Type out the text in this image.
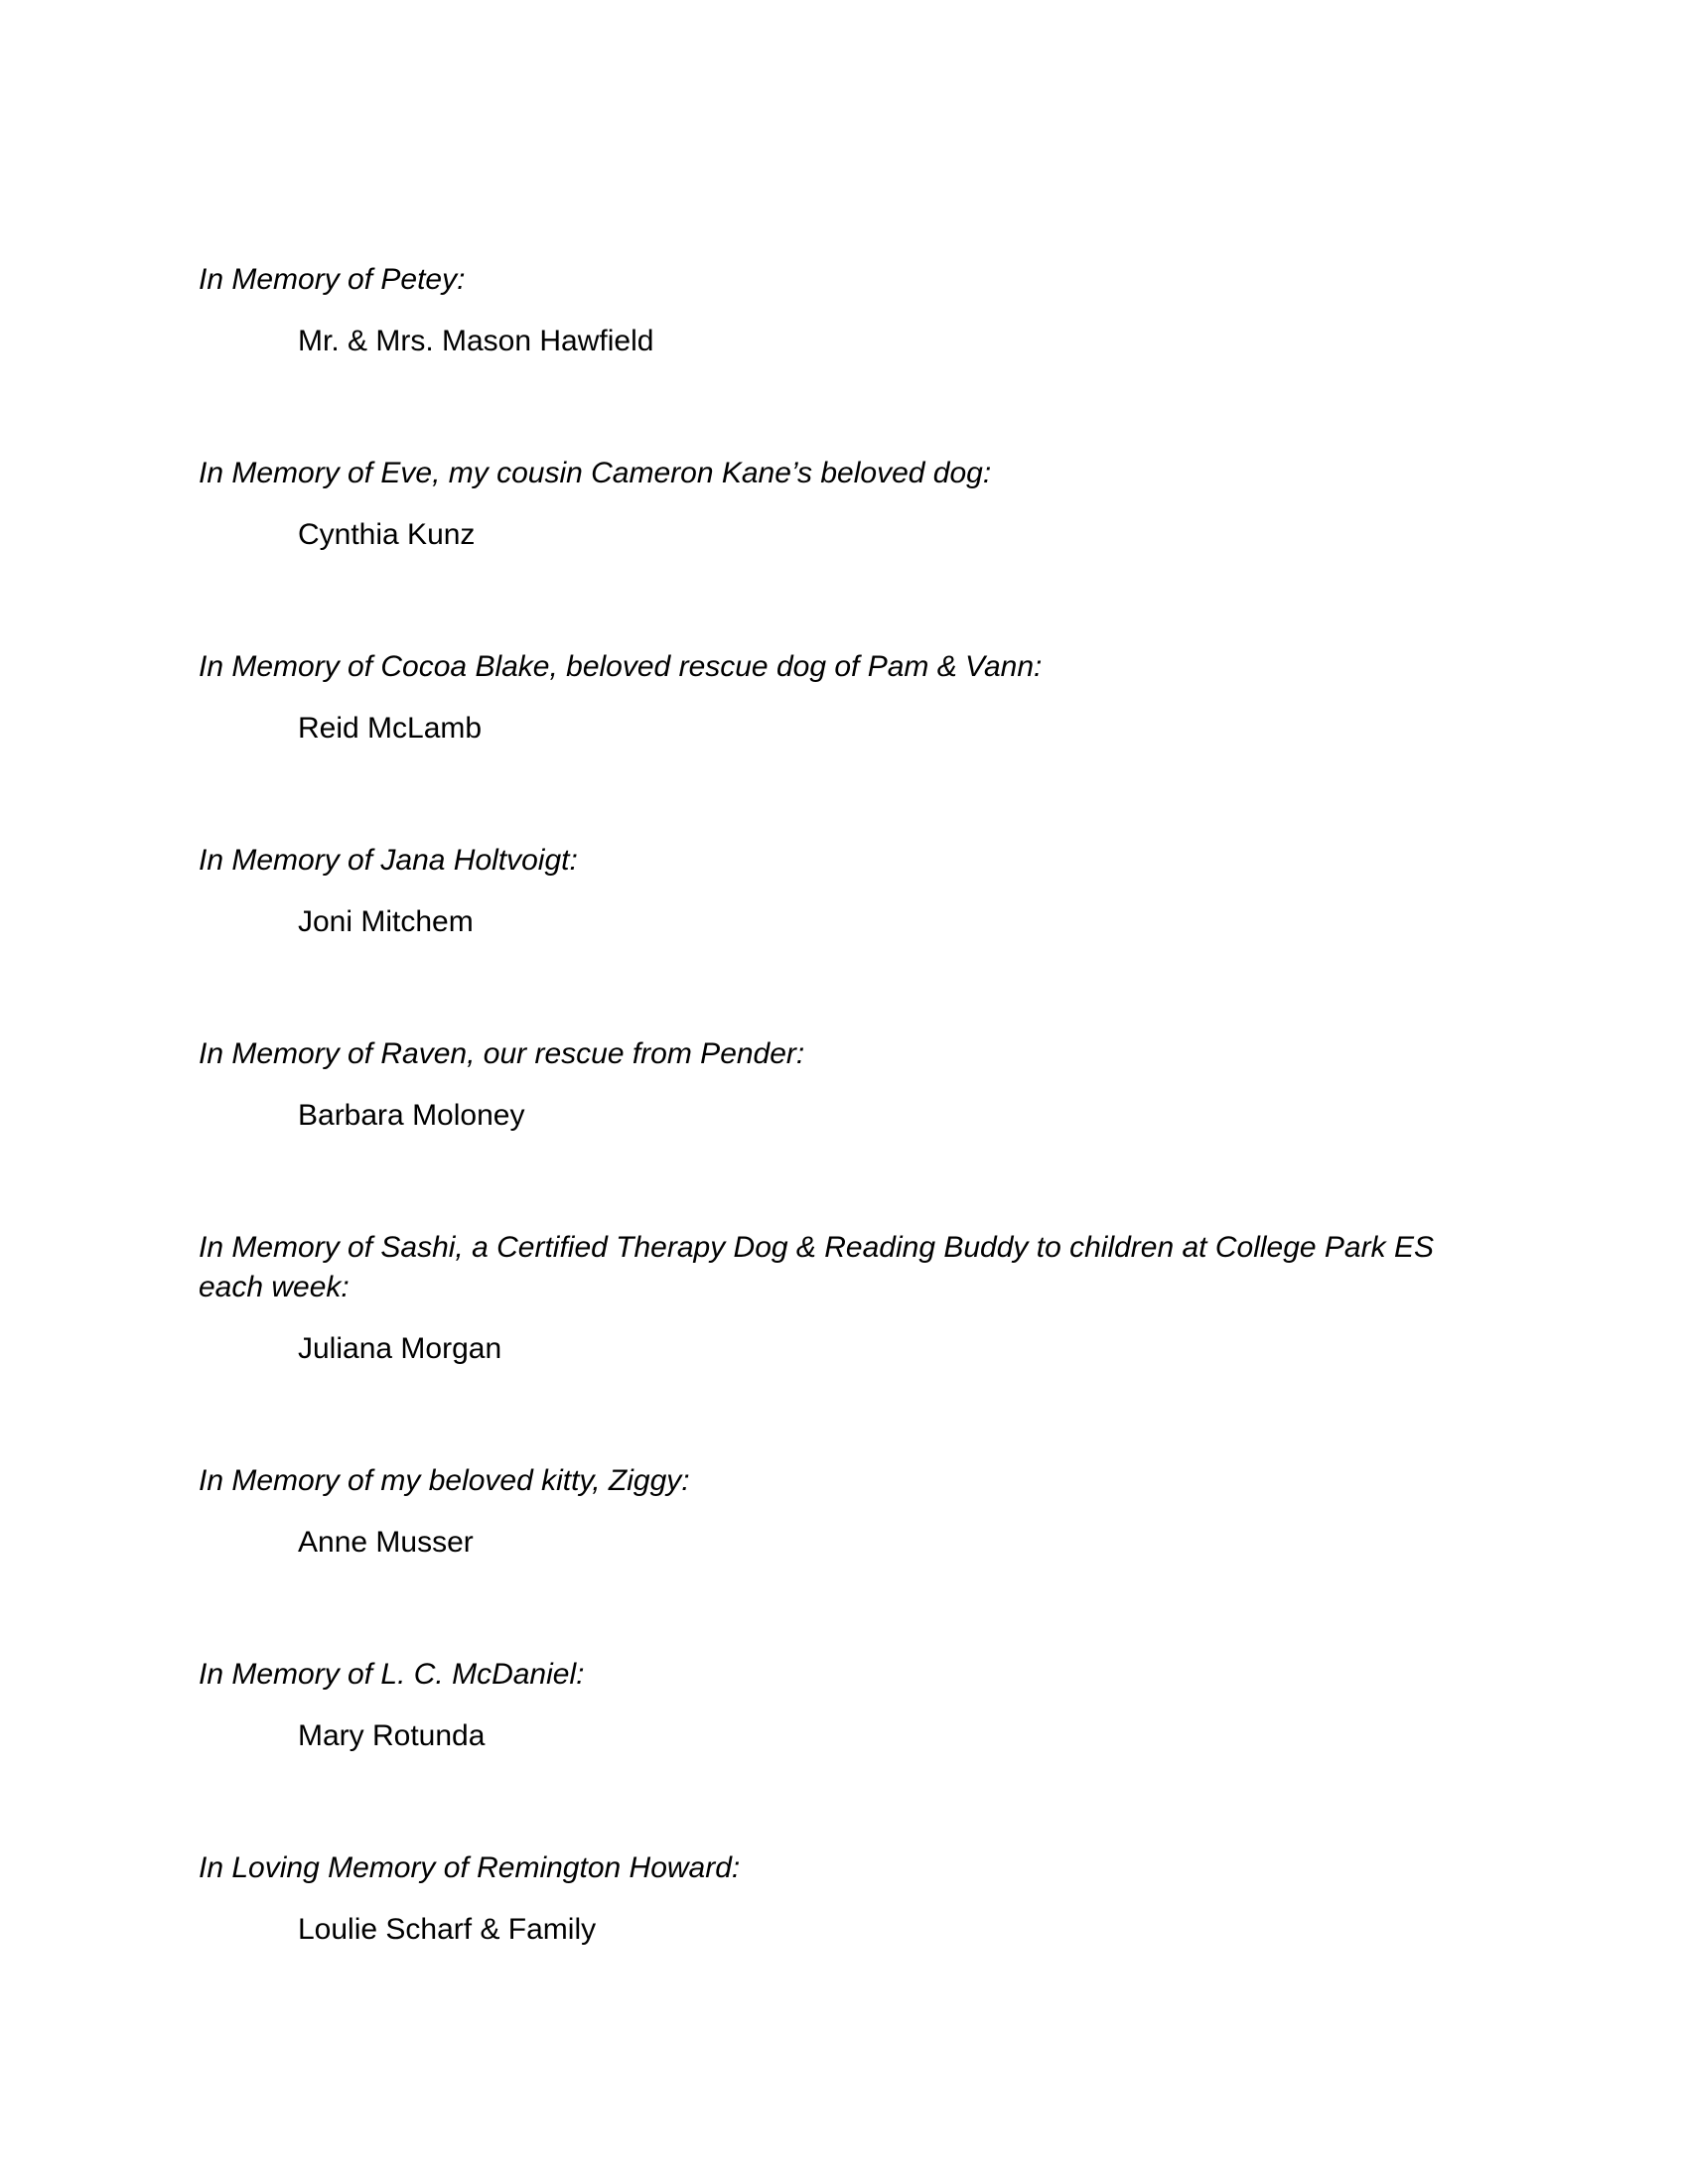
In Memory of Petey:

Mr. & Mrs. Mason Hawfield

In Memory of Eve, my cousin Cameron Kane’s beloved dog:

Cynthia Kunz

In Memory of Cocoa Blake, beloved rescue dog of Pam & Vann:

Reid McLamb

In Memory of Jana Holtvoigt:

Joni Mitchem

In Memory of Raven, our rescue from Pender:

Barbara Moloney

In Memory of Sashi, a Certified Therapy Dog & Reading Buddy to children at College Park ES each week:

Juliana Morgan

In Memory of my beloved kitty, Ziggy:

Anne Musser

In Memory of L. C. McDaniel:

Mary Rotunda

In Loving Memory of Remington Howard:

Loulie Scharf & Family
